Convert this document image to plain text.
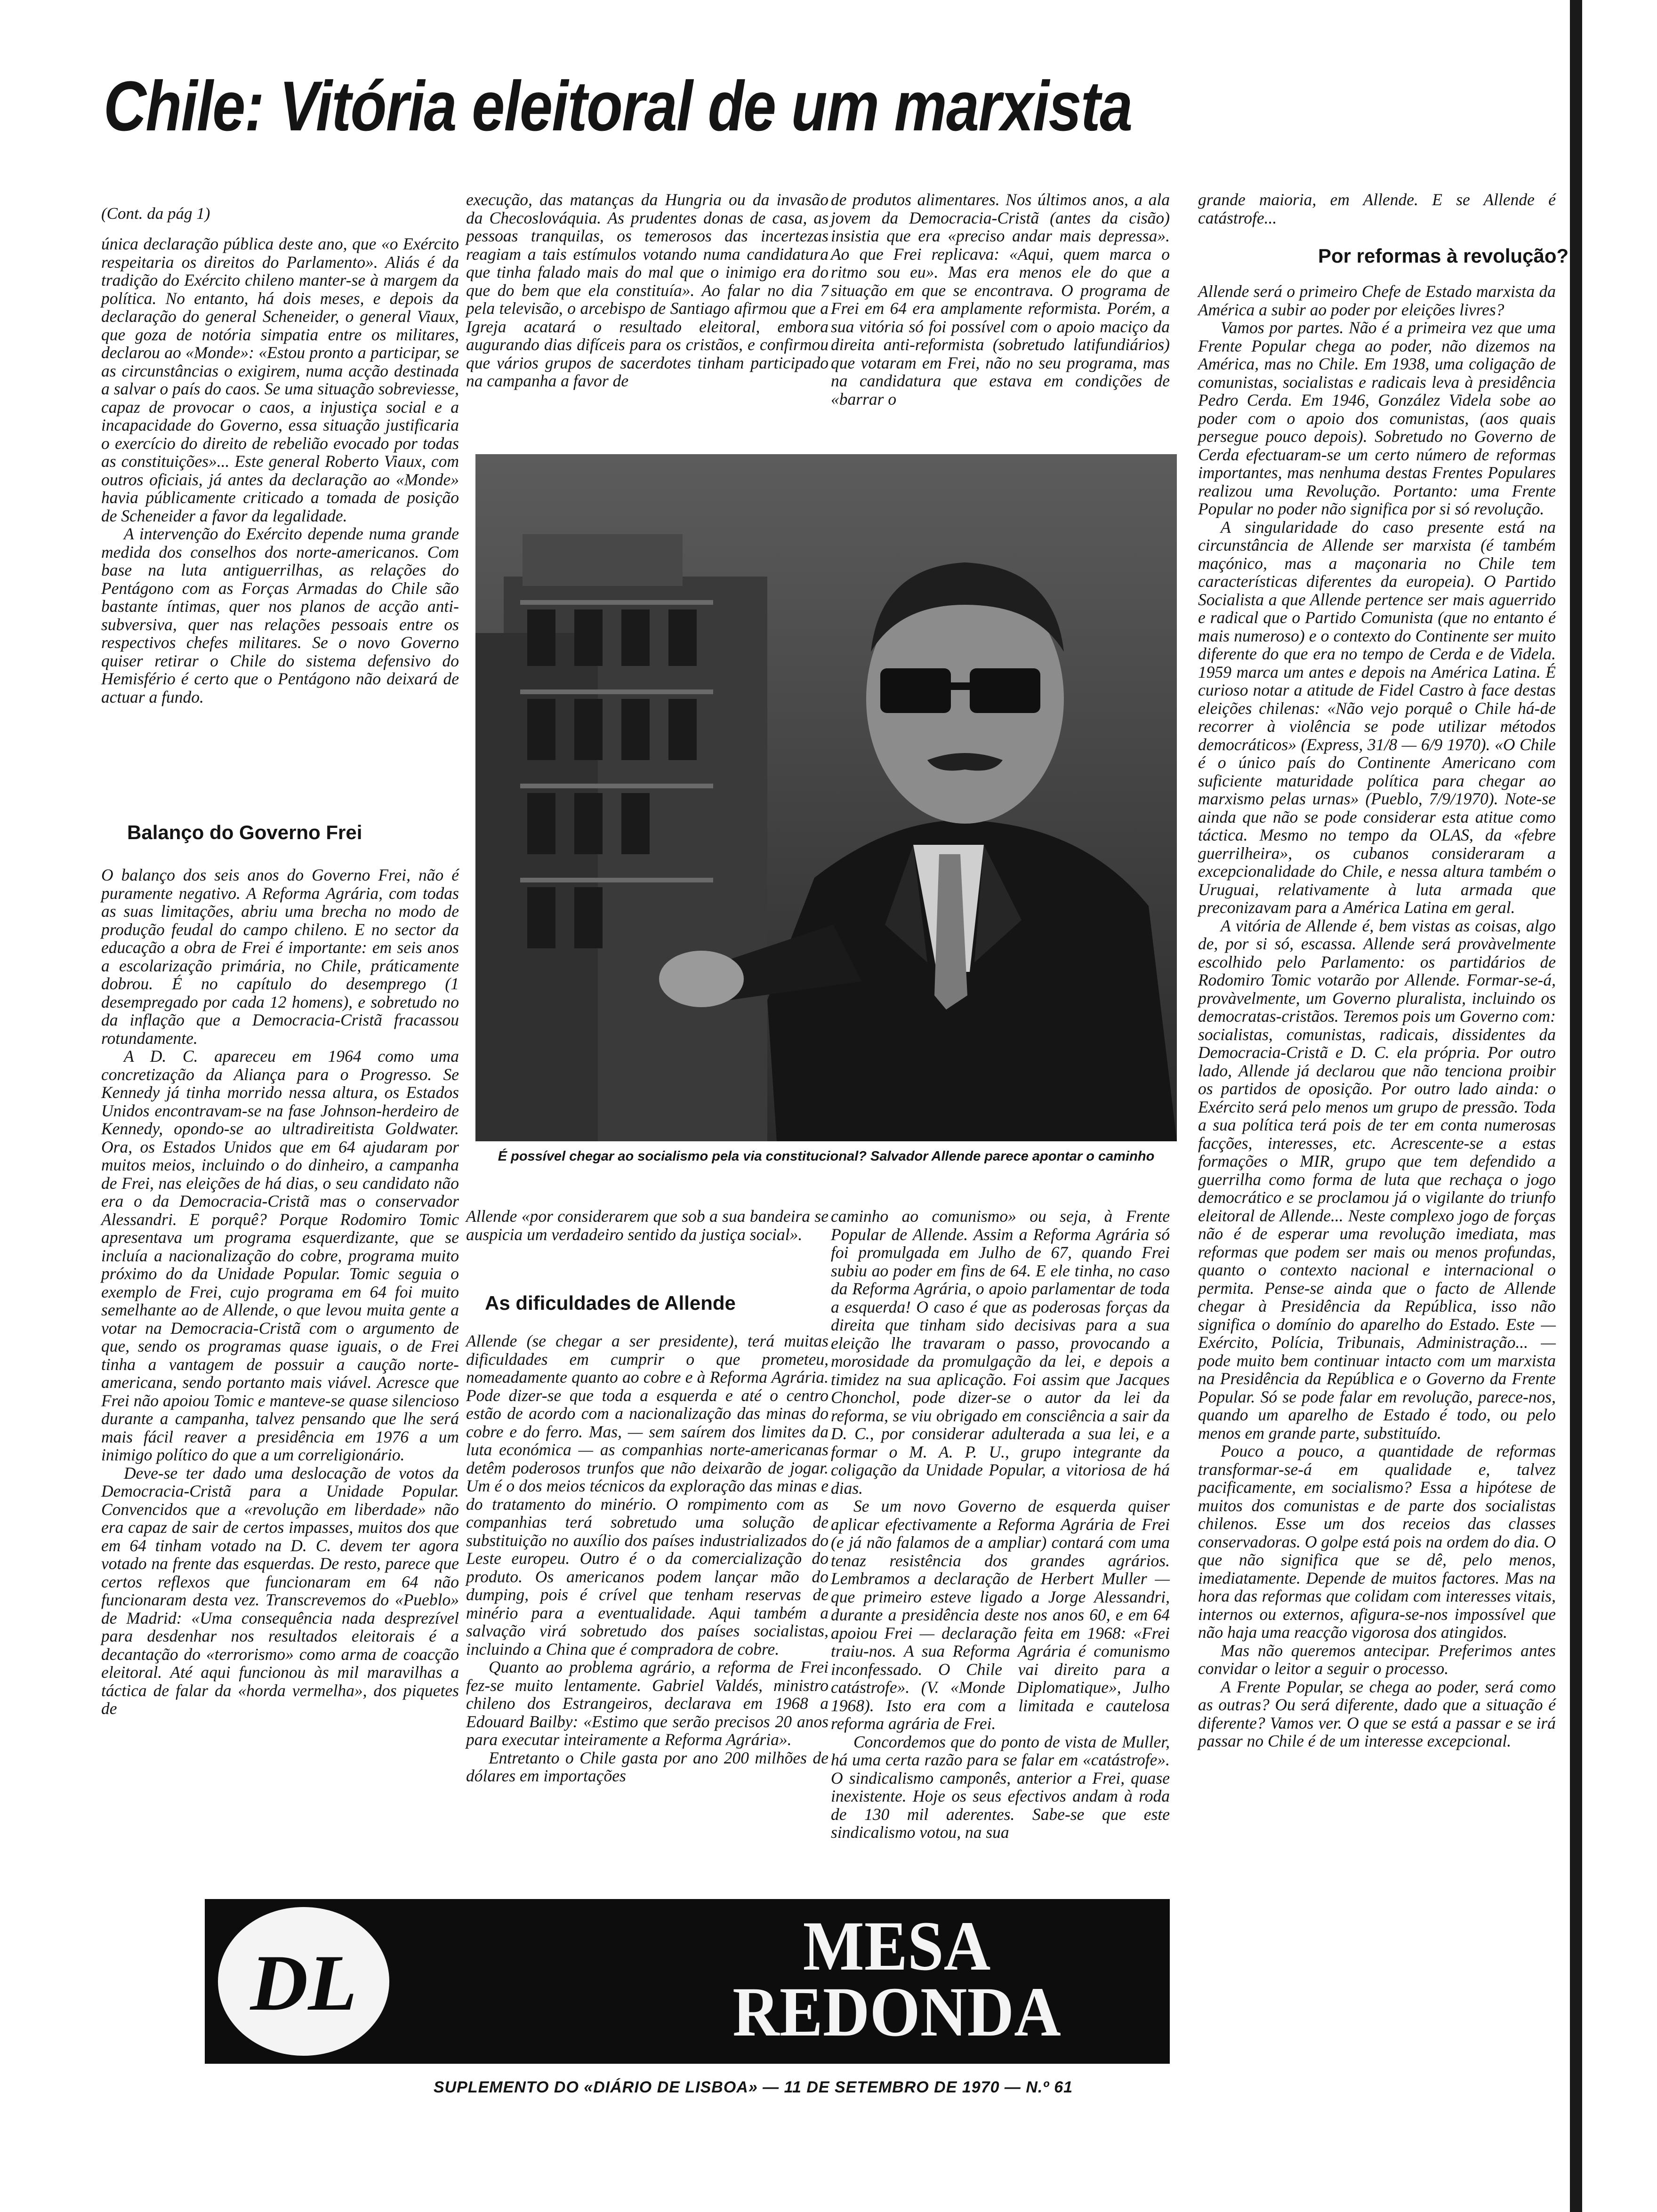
Chile: Vitória eleitoral de um marxista
(Cont. da pág 1)

única declaração pública deste ano, que «o Exército respeitaria os direitos do Parlamento». Aliás é da tradição do Exército chileno manter-se à margem da política. No entanto, há dois meses, e depois da declaração do general Scheneider, o general Viaux, que goza de notória simpatia entre os militares, declarou ao «Monde»: «Estou pronto a participar, se as circunstâncias o exigirem, numa acção destinada a salvar o país do caos. Se uma situação sobreviesse, capaz de provocar o caos, a injustiça social e a incapacidade do Governo, essa situação justificaria o exercício do direito de rebelião evocado por todas as constituições»... Este general Roberto Viaux, com outros oficiais, já antes da declaração ao «Monde» havia públicamente criticado a tomada de posição de Scheneider a favor da legalidade.

A intervenção do Exército depende numa grande medida dos conselhos dos norte-americanos. Com base na luta antiguerrilhas, as relações do Pentágono com as Forças Armadas do Chile são bastante íntimas, quer nos planos de acção anti-subversiva, quer nas relações pessoais entre os respectivos chefes militares. Se o novo Governo quiser retirar o Chile do sistema defensivo do Hemisfério é certo que o Pentágono não deixará de actuar a fundo.

Balanço do Governo Frei

O balanço dos seis anos do Governo Frei, não é puramente negativo. A Reforma Agrária, com todas as suas limitações, abriu uma brecha no modo de produção feudal do campo chileno. E no sector da educação a obra de Frei é importante: em seis anos a escolarização primária, no Chile, práticamente dobrou. É no capítulo do desemprego (1 desempregado por cada 12 homens), e sobretudo no da inflação que a Democracia-Cristã fracassou rotundamente.

A D. C. apareceu em 1964 como uma concretização da Aliança para o Progresso. Se Kennedy já tinha morrido nessa altura, os Estados Unidos encontravam-se na fase Johnson-herdeiro de Kennedy, opondo-se ao ultradireitista Goldwater. Ora, os Estados Unidos que em 64 ajudaram por muitos meios, incluindo o do dinheiro, a campanha de Frei, nas eleições de há dias, o seu candidato não era o da Democracia-Cristã mas o conservador Alessandri. E porquê? Porque Rodomiro Tomic apresentava um programa esquerdizante, que se incluía a nacionalização do cobre, programa muito próximo do da Unidade Popular. Tomic seguia o exemplo de Frei, cujo programa em 64 foi muito semelhante ao de Allende, o que levou muita gente a votar na Democracia-Cristã com o argumento de que, sendo os programas quase iguais, o de Frei tinha a vantagem de possuir a caução norte-americana, sendo portanto mais viável. Acresce que Frei não apoiou Tomic e manteve-se quase silencioso durante a campanha, talvez pensando que lhe será mais fácil reaver a presidência em 1976 a um inimigo político do que a um correligionário.

Deve-se ter dado uma deslocação de votos da Democracia-Cristã para a Unidade Popular. Convencidos que a «revolução em liberdade» não era capaz de sair de certos impasses, muitos dos que em 64 tinham votado na D. C. devem ter agora votado na frente das esquerdas. De resto, parece que certos reflexos que funcionaram em 64 não funcionaram desta vez. Transcrevemos do «Pueblo» de Madrid: «Uma consequência nada desprezível para desdenhar nos resultados eleitorais é a decantação do «terrorismo» como arma de coacção eleitoral. Até aqui funcionou às mil maravilhas a táctica de falar da «horda vermelha», dos piquetes de

execução, das matanças da Hungria ou da invasão da Checoslováquia. As prudentes donas de casa, as pessoas tranquilas, os temerosos das incertezas reagiam a tais estímulos votando numa candidatura que tinha falado mais do mal que o inimigo era do que do bem que ela constituía». Ao falar no dia 7 pela televisão, o arcebispo de Santiago afirmou que a Igreja acatará o resultado eleitoral, embora augurando dias difíceis para os cristãos, e confirmou que vários grupos de sacerdotes tinham participado na campanha a favor de

de produtos alimentares. Nos últimos anos, a ala jovem da Democracia-Cristã (antes da cisão) insistia que era «preciso andar mais depressa». Ao que Frei replicava: «Aqui, quem marca o ritmo sou eu». Mas era menos ele do que a situação em que se encontrava. O programa de Frei em 64 era amplamente reformista. Porém, a sua vitória só foi possível com o apoio maciço da direita anti-reformista (sobretudo latifundiários) que votaram em Frei, não no seu programa, mas na candidatura que estava em condições de «barrar o

É possível chegar ao socialismo pela via constitucional? Salvador Allende parece apontar o caminho

Allende «por considerarem que sob a sua bandeira se auspicia um verdadeiro sentido da justiça social».

As dificuldades de Allende

Allende (se chegar a ser presidente), terá muitas dificuldades em cumprir o que prometeu, nomeadamente quanto ao cobre e à Reforma Agrária. Pode dizer-se que toda a esquerda e até o centro estão de acordo com a nacionalização das minas do cobre e do ferro. Mas, — sem saírem dos limites da luta económica — as companhias norte-americanas detêm poderosos trunfos que não deixarão de jogar. Um é o dos meios técnicos da exploração das minas e do tratamento do minério. O rompimento com as companhias terá sobretudo uma solução de substituição no auxílio dos países industrializados do Leste europeu. Outro é o da comercialização do produto. Os americanos podem lançar mão do dumping, pois é crível que tenham reservas de minério para a eventualidade. Aqui também a salvação virá sobretudo dos países socialistas, incluindo a China que é compradora de cobre.

Quanto ao problema agrário, a reforma de Frei fez-se muito lentamente. Gabriel Valdés, ministro chileno dos Estrangeiros, declarava em 1968 a Edouard Bailby: «Estimo que serão precisos 20 anos para executar inteiramente a Reforma Agrária».

Entretanto o Chile gasta por ano 200 milhões de dólares em importações

caminho ao comunismo» ou seja, à Frente Popular de Allende. Assim a Reforma Agrária só foi promulgada em Julho de 67, quando Frei subiu ao poder em fins de 64. E ele tinha, no caso da Reforma Agrária, o apoio parlamentar de toda a esquerda! O caso é que as poderosas forças da direita que tinham sido decisivas para a sua eleição lhe travaram o passo, provocando a morosidade da promulgação da lei, e depois a timidez na sua aplicação. Foi assim que Jacques Chonchol, pode dizer-se o autor da lei da reforma, se viu obrigado em consciência a sair da D. C., por considerar adulterada a sua lei, e a formar o M. A. P. U., grupo integrante da coligação da Unidade Popular, a vitoriosa de há dias.

Se um novo Governo de esquerda quiser aplicar efectivamente a Reforma Agrária de Frei (e já não falamos de a ampliar) contará com uma tenaz resistência dos grandes agrários. Lembramos a declaração de Herbert Muller — que primeiro esteve ligado a Jorge Alessandri, durante a presidência deste nos anos 60, e em 64 apoiou Frei — declaração feita em 1968: «Frei traiu-nos. A sua Reforma Agrária é comunismo inconfessado. O Chile vai direito para a catástrofe». (V. «Monde Diplomatique», Julho 1968). Isto era com a limitada e cautelosa reforma agrária de Frei.

Concordemos que do ponto de vista de Muller, há uma certa razão para se falar em «catástrofe». O sindicalismo camponês, anterior a Frei, quase inexistente. Hoje os seus efectivos andam à roda de 130 mil aderentes. Sabe-se que este sindicalismo votou, na sua

grande maioria, em Allende. E se Allende é catástrofe...

Por reformas à revolução?

Allende será o primeiro Chefe de Estado marxista da América a subir ao poder por eleições livres?

Vamos por partes. Não é a primeira vez que uma Frente Popular chega ao poder, não dizemos na América, mas no Chile. Em 1938, uma coligação de comunistas, socialistas e radicais leva à presidência Pedro Cerda. Em 1946, González Videla sobe ao poder com o apoio dos comunistas, (aos quais persegue pouco depois). Sobretudo no Governo de Cerda efectuaram-se um certo número de reformas importantes, mas nenhuma destas Frentes Populares realizou uma Revolução. Portanto: uma Frente Popular no poder não significa por si só revolução.

A singularidade do caso presente está na circunstância de Allende ser marxista (é também maçónico, mas a maçonaria no Chile tem características diferentes da europeia). O Partido Socialista a que Allende pertence ser mais aguerrido e radical que o Partido Comunista (que no entanto é mais numeroso) e o contexto do Continente ser muito diferente do que era no tempo de Cerda e de Videla. 1959 marca um antes e depois na América Latina. É curioso notar a atitude de Fidel Castro à face destas eleições chilenas: «Não vejo porquê o Chile há-de recorrer à violência se pode utilizar métodos democráticos» (Express, 31/8 — 6/9 1970). «O Chile é o único país do Continente Americano com suficiente maturidade política para chegar ao marxismo pelas urnas» (Pueblo, 7/9/1970). Note-se ainda que não se pode considerar esta atitue como táctica. Mesmo no tempo da OLAS, da «febre guerrilheira», os cubanos consideraram a excepcionalidade do Chile, e nessa altura também o Uruguai, relativamente à luta armada que preconizavam para a América Latina em geral.

A vitória de Allende é, bem vistas as coisas, algo de, por si só, escassa. Allende será provàvelmente escolhido pelo Parlamento: os partidários de Rodomiro Tomic votarão por Allende. Formar-se-á, provàvelmente, um Governo pluralista, incluindo os democratas-cristãos. Teremos pois um Governo com: socialistas, comunistas, radicais, dissidentes da Democracia-Cristã e D. C. ela própria. Por outro lado, Allende já declarou que não tenciona proibir os partidos de oposição. Por outro lado ainda: o Exército será pelo menos um grupo de pressão. Toda a sua política terá pois de ter em conta numerosas facções, interesses, etc. Acrescente-se a estas formações o MIR, grupo que tem defendido a guerrilha como forma de luta que rechaça o jogo democrático e se proclamou já o vigilante do triunfo eleitoral de Allende... Neste complexo jogo de forças não é de esperar uma revolução imediata, mas reformas que podem ser mais ou menos profundas, quanto o contexto nacional e internacional o permita. Pense-se ainda que o facto de Allende chegar à Presidência da República, isso não significa o domínio do aparelho do Estado. Este — Exército, Polícia, Tribunais, Administração... — pode muito bem continuar intacto com um marxista na Presidência da República e o Governo da Frente Popular. Só se pode falar em revolução, parece-nos, quando um aparelho de Estado é todo, ou pelo menos em grande parte, substituído.

Pouco a pouco, a quantidade de reformas transformar-se-á em qualidade e, talvez pacificamente, em socialismo? Essa a hipótese de muitos dos comunistas e de parte dos socialistas chilenos. Esse um dos receios das classes conservadoras. O golpe está pois na ordem do dia. O que não significa que se dê, pelo menos, imediatamente. Depende de muitos factores. Mas na hora das reformas que colidam com interesses vitais, internos ou externos, afigura-se-nos impossível que não haja uma reacção vigorosa dos atingidos.

Mas não queremos antecipar. Preferimos antes convidar o leitor a seguir o processo.

A Frente Popular, se chega ao poder, será como as outras? Ou será diferente, dado que a situação é diferente? Vamos ver. O que se está a passar e se irá passar no Chile é de um interesse excepcional.

DL	MESA
REDONDA

SUPLEMENTO DO «DIÁRIO DE LISBOA» — 11 DE SETEMBRO DE 1970 — N.º 61
